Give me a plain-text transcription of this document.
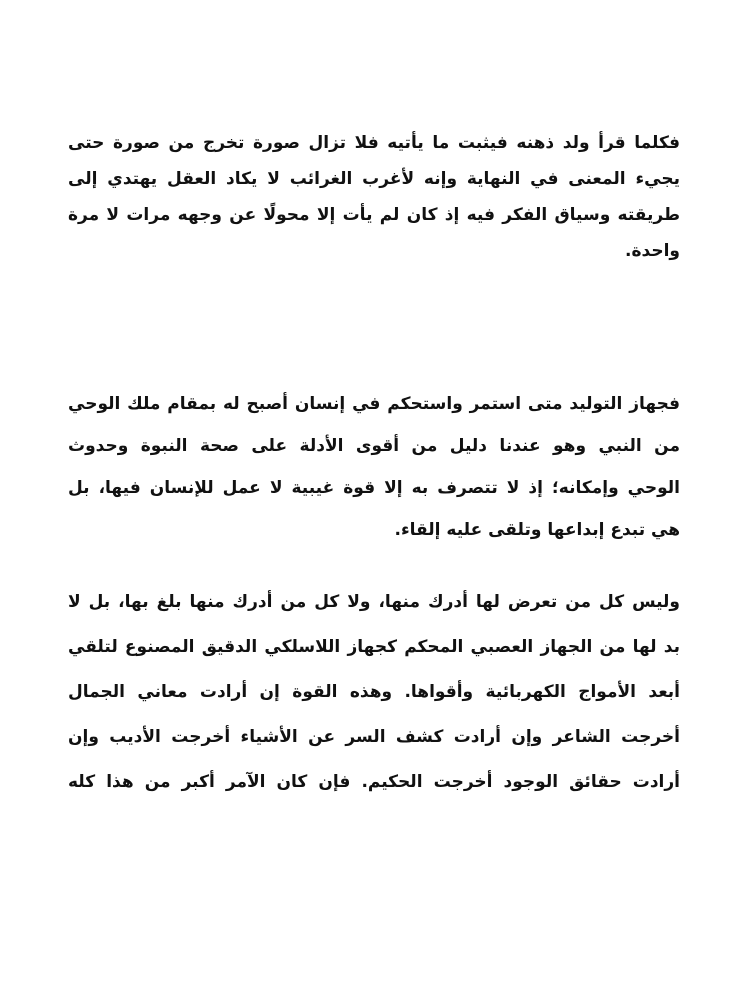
فكلما قرأ ولد ذهنه فيثبت ما يأتيه فلا تزال صورة تخرج من صورة حتى
يجيء المعنى في النهاية وإنه لأغرب الغرائب لا يكاد العقل يهتدي إلى
طريقته وسياق الفكر فيه إذ كان لم يأت إلا محولًا عن وجهه مرات لا مرة
واحدة.
فجهاز التوليد متى استمر واستحكم في إنسان أصبح له بمقام ملك الوحي
من النبي وهو عندنا دليل من أقوى الأدلة على صحة النبوة وحدوث
الوحي وإمكانه؛ إذ لا تتصرف به إلا قوة غيبية لا عمل للإنسان فيها، بل
هي تبدع إبداعها وتلقى عليه إلقاء.
وليس كل من تعرض لها أدرك منها، ولا كل من أدرك منها بلغ بها، بل لا
بد لها من الجهاز العصبي المحكم كجهاز اللاسلكي الدقيق المصنوع لتلقي
أبعد الأمواج الكهربائية وأقواها. وهذه القوة إن أرادت معاني الجمال
أخرجت الشاعر وإن أرادت كشف السر عن الأشياء أخرجت الأديب وإن
أرادت حقائق الوجود أخرجت الحكيم. فإن كان الآمر أكبر من هذا كله
